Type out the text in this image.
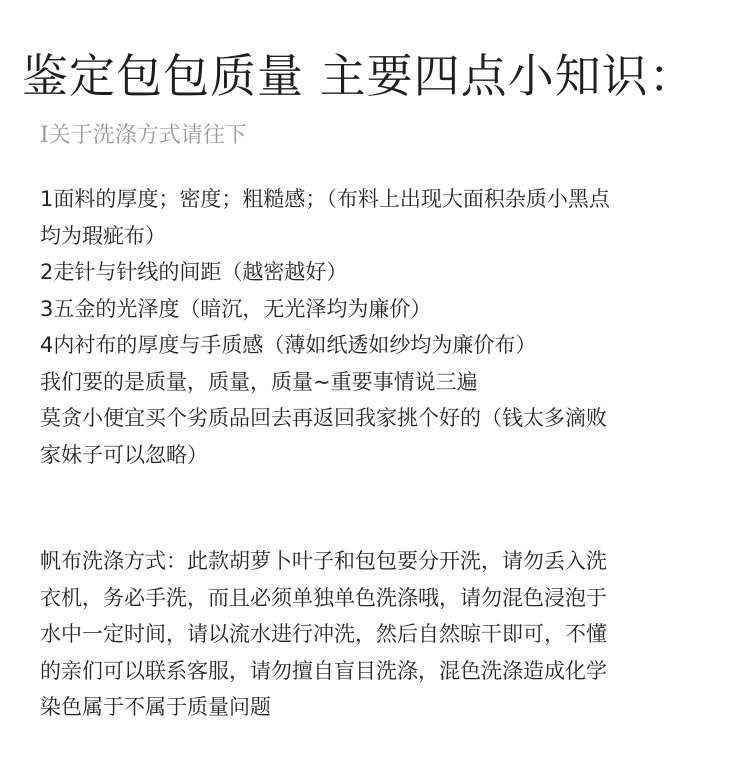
鉴定包包质量 主要四点小知识：
I关于洗涤方式请往下
1面料的厚度；密度；粗糙感；（布料上出现大面积杂质小黑点
均为瑕疵布）
2走针与针线的间距（越密越好）
3五金的光泽度（暗沉，无光泽均为廉价）
4内衬布的厚度与手质感（薄如纸透如纱均为廉价布）
我们要的是质量，质量，质量~重要事情说三遍
莫贪小便宜买个劣质品回去再返回我家挑个好的（钱太多滴败
家妹子可以忽略）
帆布洗涤方式：此款胡萝卜叶子和包包要分开洗，请勿丢入洗
衣机，务必手洗，而且必须单独单色洗涤哦，请勿混色浸泡于
水中一定时间，请以流水进行冲洗，然后自然晾干即可，不懂
的亲们可以联系客服，请勿擅自盲目洗涤，混色洗涤造成化学
染色属于不属于质量问题
